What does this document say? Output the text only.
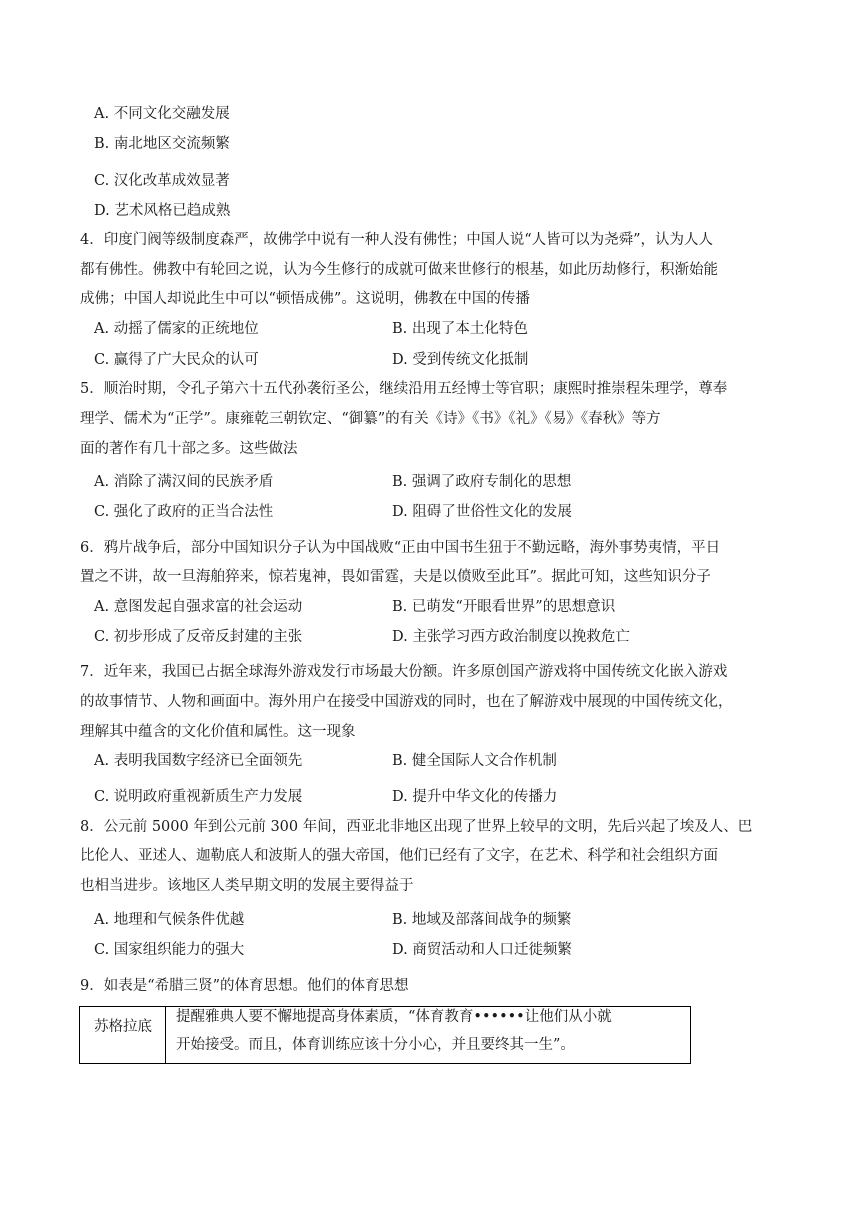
A. 不同文化交融发展
B. 南北地区交流频繁
C. 汉化改革成效显著
D. 艺术风格已趋成熟
4．印度门阀等级制度森严，故佛学中说有一种人没有佛性；中国人说“人皆可以为尧舜”，认为人人
都有佛性。佛教中有轮回之说，认为今生修行的成就可做来世修行的根基，如此历劫修行，积渐始能
成佛；中国人却说此生中可以“顿悟成佛”。这说明，佛教在中国的传播
A. 动摇了儒家的正统地位	B. 出现了本土化特色
C. 赢得了广大民众的认可	D. 受到传统文化抵制
5．顺治时期，令孔子第六十五代孙袭衍圣公，继续沿用五经博士等官职；康熙时推崇程朱理学，尊奉
理学、儒术为“正学”。康雍乾三朝钦定、“御纂”的有关《诗》《书》《礼》《易》《春秋》等方
面的著作有几十部之多。这些做法
A. 消除了满汉间的民族矛盾	B. 强调了政府专制化的思想
C. 强化了政府的正当合法性	D. 阻碍了世俗性文化的发展
6．鸦片战争后，部分中国知识分子认为中国战败“正由中国书生狃于不勤远略，海外事势夷情，平日
置之不讲，故一旦海舶猝来，惊若鬼神，畏如雷霆，夫是以偾败至此耳”。据此可知，这些知识分子
A. 意图发起自强求富的社会运动	B. 已萌发“开眼看世界”的思想意识
C. 初步形成了反帝反封建的主张	D. 主张学习西方政治制度以挽救危亡
7．近年来，我国已占据全球海外游戏发行市场最大份额。许多原创国产游戏将中国传统文化嵌入游戏
的故事情节、人物和画面中。海外用户在接受中国游戏的同时，也在了解游戏中展现的中国传统文化，
理解其中蕴含的文化价值和属性。这一现象
A. 表明我国数字经济已全面领先	B. 健全国际人文合作机制
C. 说明政府重视新质生产力发展	D. 提升中华文化的传播力
8．公元前 5000 年到公元前 300 年间，西亚北非地区出现了世界上较早的文明，先后兴起了埃及人、巴
比伦人、亚述人、迦勒底人和波斯人的强大帝国，他们已经有了文字，在艺术、科学和社会组织方面
也相当进步。该地区人类早期文明的发展主要得益于
A. 地理和气候条件优越	B. 地域及部落间战争的频繁
C. 国家组织能力的强大	D. 商贸活动和人口迁徙频繁
9．如表是“希腊三贤”的体育思想。他们的体育思想
苏格拉底
提醒雅典人要不懈地提高身体素质，“体育教育••••••让他们从小就
开始接受。而且，体育训练应该十分小心，并且要终其一生”。
